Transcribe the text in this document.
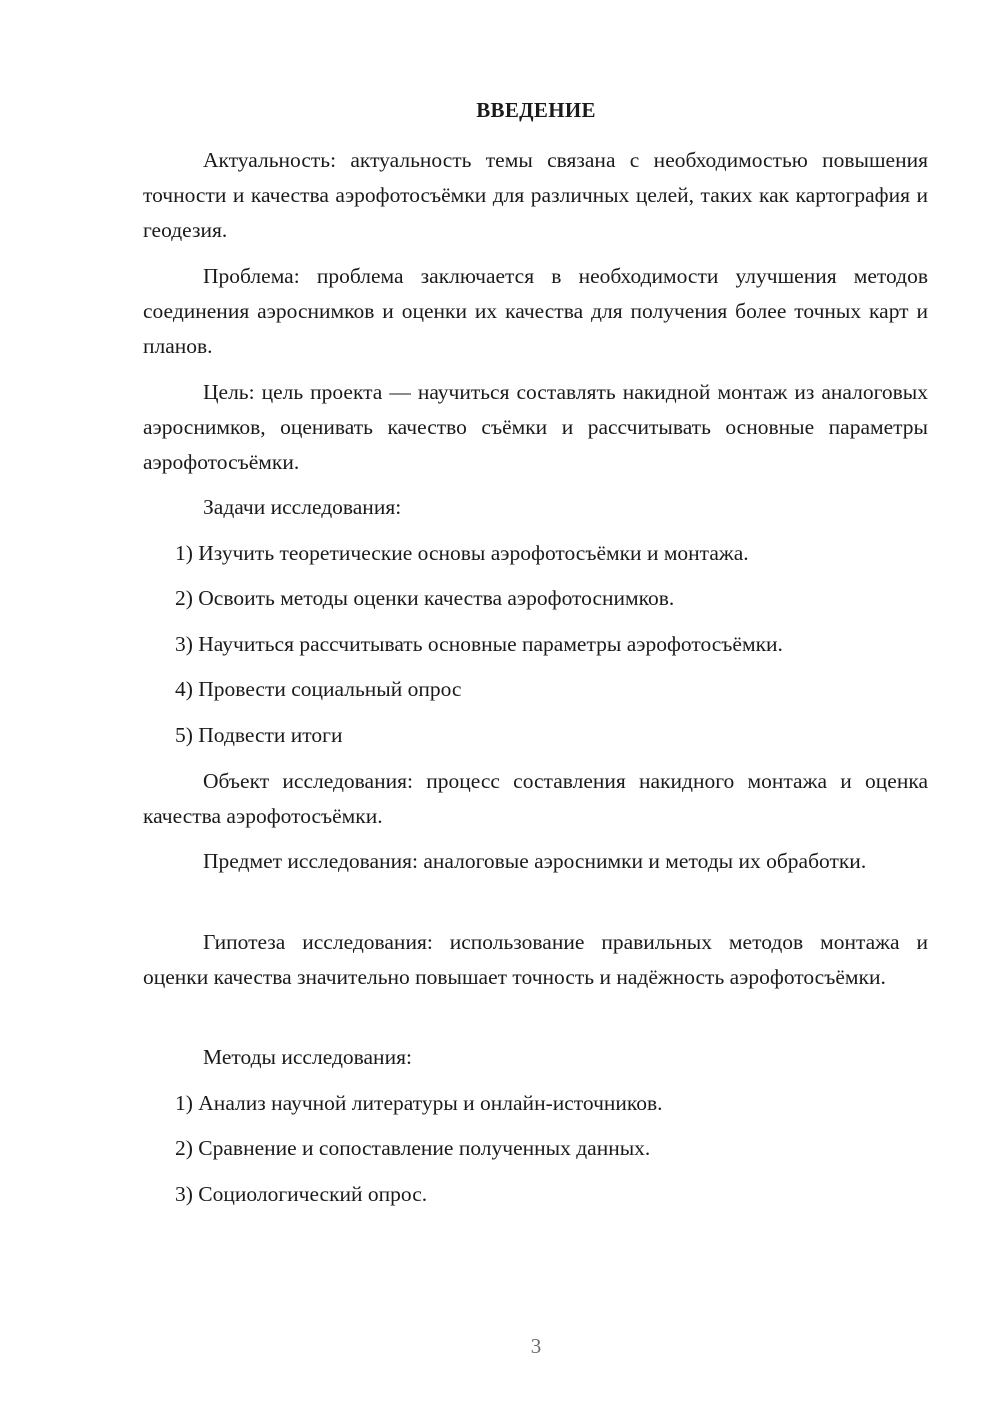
ВВЕДЕНИЕ

Актуальность: актуальность темы связана с необходимостью повышения точности и качества аэрофотосъёмки для различных целей, таких как картография и геодезия.

Проблема: проблема заключается в необходимости улучшения методов соединения аэроснимков и оценки их качества для получения более точных карт и планов.

Цель: цель проекта — научиться составлять накидной монтаж из аналоговых аэроснимков, оценивать качество съёмки и рассчитывать основные параметры аэрофотосъёмки.

Задачи исследования:

1) Изучить теоретические основы аэрофотосъёмки и монтажа.

2) Освоить методы оценки качества аэрофотоснимков.

3) Научиться рассчитывать основные параметры аэрофотосъёмки.

4) Провести социальный опрос

5) Подвести итоги

Объект исследования: процесс составления накидного монтажа и оценка качества аэрофотосъёмки.

Предмет исследования: аналоговые аэроснимки и методы их обработки.

Гипотеза исследования: использование правильных методов монтажа и оценки качества значительно повышает точность и надёжность аэрофотосъёмки.

Методы исследования:

1) Анализ научной литературы и онлайн-источников.

2) Сравнение и сопоставление полученных данных.

3) Социологический опрос.

3
